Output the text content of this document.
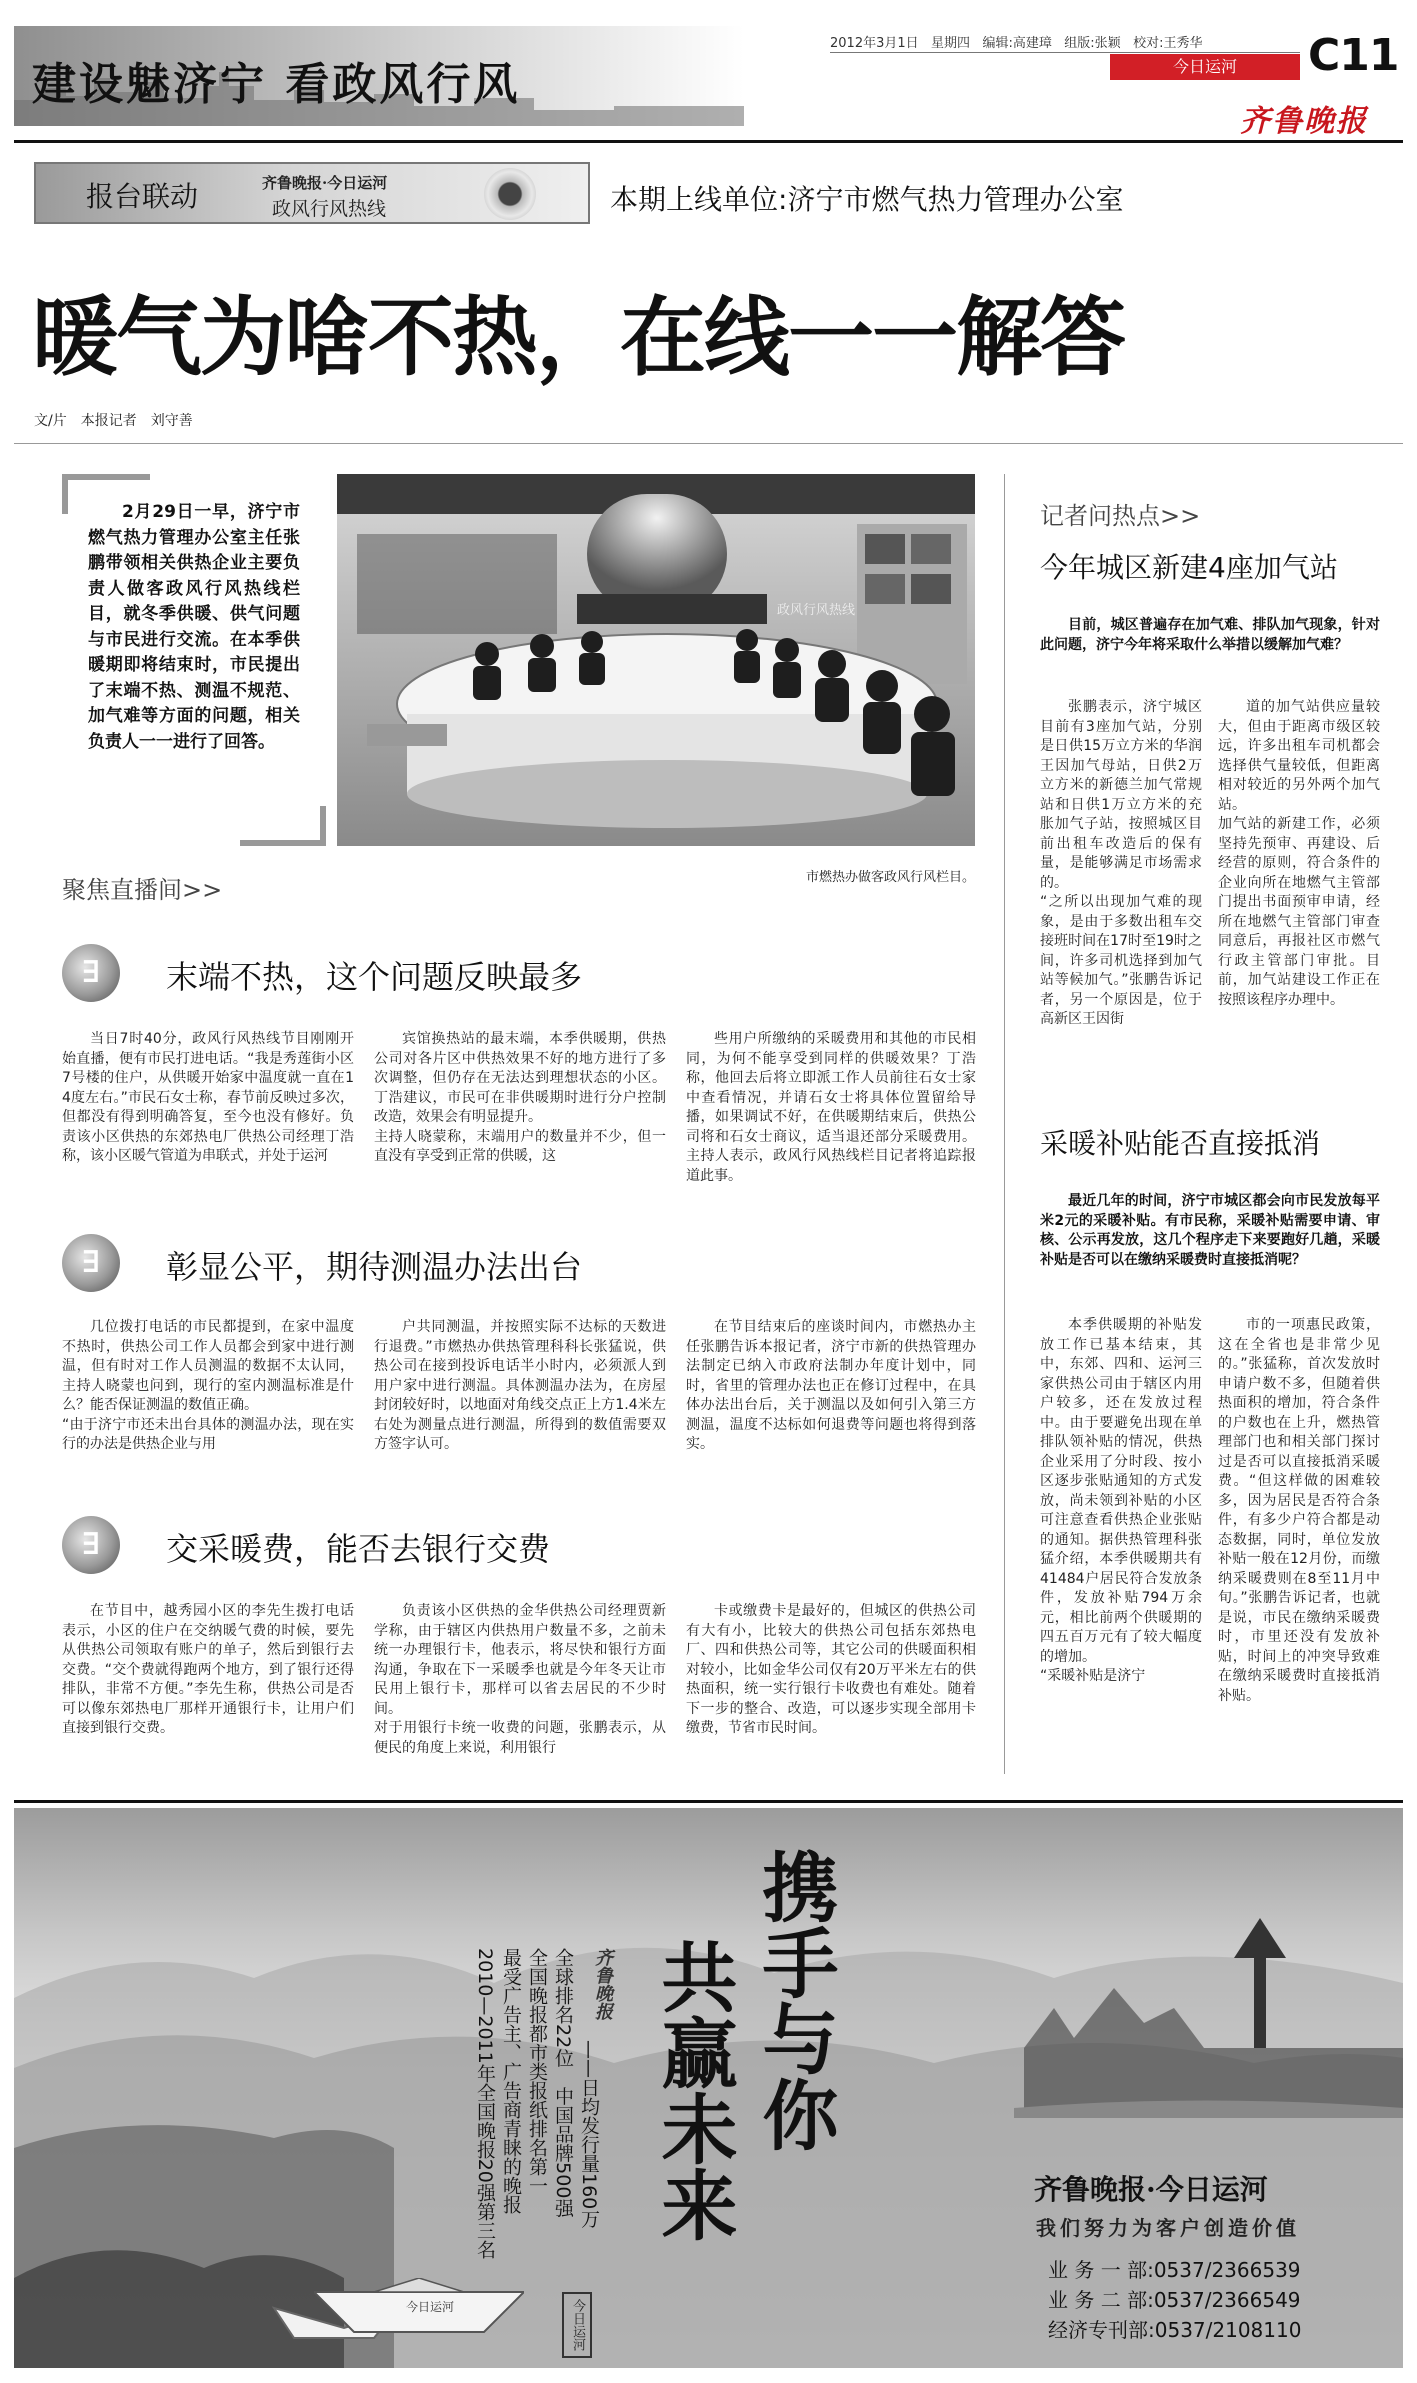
建设魅济宁 看政风行风
2012年3月1日 星期四 编辑:高建璋 组版:张颖 校对:王秀华
今日运河	C11
齐鲁晚报
报台联动	齐鲁晚报·今日运河
政风行风热线	本期上线单位:济宁市燃气热力管理办公室
暖气为啥不热，在线一一解答
文/片　本报记者　刘守善
2月29日一早，济宁市燃气热力管理办公室主任张鹏带领相关供热企业主要负责人做客政风行风热线栏目，就冬季供暖、供气问题与市民进行交流。在本季供暖期即将结束时，市民提出了末端不热、测温不规范、加气难等方面的问题，相关负责人一一进行了回答。
政风行风热线
市燃热办做客政风行风栏目。
聚焦直播间>>
∃ 末端不热，这个问题反映最多

当日7时40分，政风行风热线节目刚刚开始直播，便有市民打进电话。“我是秀莲街小区7号楼的住户，从供暖开始家中温度就一直在14度左右。”市民石女士称，春节前反映过多次，但都没有得到明确答复，至今也没有修好。负责该小区供热的东郊热电厂供热公司经理丁浩称，该小区暖气管道为串联式，并处于运河

宾馆换热站的最末端，本季供暖期，供热公司对各片区中供热效果不好的地方进行了多次调整，但仍存在无法达到理想状态的小区。丁浩建议，市民可在非供暖期时进行分户控制改造，效果会有明显提升。
主持人晓蒙称，末端用户的数量并不少，但一直没有享受到正常的供暖，这

些用户所缴纳的采暖费用和其他的市民相同，为何不能享受到同样的供暖效果？丁浩称，他回去后将立即派工作人员前往石女士家中查看情况，并请石女士将具体位置留给导播，如果调试不好，在供暖期结束后，供热公司将和石女士商议，适当退还部分采暖费用。主持人表示，政风行风热线栏目记者将追踪报道此事。

∃ 彰显公平，期待测温办法出台

几位拨打电话的市民都提到，在家中温度不热时，供热公司工作人员都会到家中进行测温，但有时对工作人员测温的数据不太认同，主持人晓蒙也问到，现行的室内测温标准是什么？能否保证测温的数值正确。
“由于济宁市还未出台具体的测温办法，现在实行的办法是供热企业与用

户共同测温，并按照实际不达标的天数进行退费。”市燃热办供热管理科科长张猛说，供热公司在接到投诉电话半小时内，必须派人到用户家中进行测温。具体测温办法为，在房屋封闭较好时，以地面对角线交点正上方1.4米左右处为测量点进行测温，所得到的数值需要双方签字认可。

在节目结束后的座谈时间内，市燃热办主任张鹏告诉本报记者，济宁市新的供热管理办法制定已纳入市政府法制办年度计划中，同时，省里的管理办法也正在修订过程中，在具体办法出台后，关于测温以及如何引入第三方测温，温度不达标如何退费等问题也将得到落实。

∃ 交采暖费，能否去银行交费

在节目中，越秀园小区的李先生拨打电话表示，小区的住户在交纳暖气费的时候，要先从供热公司领取有账户的单子，然后到银行去交费。“交个费就得跑两个地方，到了银行还得排队，非常不方便。”李先生称，供热公司是否可以像东郊热电厂那样开通银行卡，让用户们直接到银行交费。

负责该小区供热的金华供热公司经理贾新学称，由于辖区内供热用户数量不多，之前未统一办理银行卡，他表示，将尽快和银行方面沟通，争取在下一采暖季也就是今年冬天让市民用上银行卡，那样可以省去居民的不少时间。
对于用银行卡统一收费的问题，张鹏表示，从便民的角度上来说，利用银行

卡或缴费卡是最好的，但城区的供热公司有大有小，比较大的供热公司包括东郊热电厂、四和供热公司等，其它公司的供暖面积相对较小，比如金华公司仅有20万平米左右的供热面积，统一实行银行卡收费也有难处。随着下一步的整合、改造，可以逐步实现全部用卡缴费，节省市民时间。

记者问热点>>
今年城区新建4座加气站
目前，城区普遍存在加气难、排队加气现象，针对此问题，济宁今年将采取什么举措以缓解加气难？

张鹏表示，济宁城区目前有3座加气站，分别是日供15万立方米的华润王因加气母站，日供2万立方米的新德兰加气常规站和日供1万立方米的充胀加气子站，按照城区目前出租车改造后的保有量，是能够满足市场需求的。
“之所以出现加气难的现象，是由于多数出租车交接班时间在17时至19时之间，许多司机选择到加气站等候加气。”张鹏告诉记者，另一个原因是，位于高新区王因街

道的加气站供应量较大，但由于距离市级区较远，许多出租车司机都会选择供气量较低，但距离相对较近的另外两个加气站。
加气站的新建工作，必须坚持先预审、再建设、后经营的原则，符合条件的企业向所在地燃气主管部门提出书面预审申请，经所在地燃气主管部门审查同意后，再报社区市燃气行政主管部门审批。目前，加气站建设工作正在按照该程序办理中。

采暖补贴能否直接抵消
最近几年的时间，济宁市城区都会向市民发放每平米2元的采暖补贴。有市民称，采暖补贴需要申请、审核、公示再发放，这几个程序走下来要跑好几趟，采暖补贴是否可以在缴纳采暖费时直接抵消呢？

本季供暖期的补贴发放工作已基本结束，其中，东郊、四和、运河三家供热公司由于辖区内用户较多，还在发放过程中。由于要避免出现在单排队领补贴的情况，供热企业采用了分时段、按小区逐步张贴通知的方式发放，尚未领到补贴的小区可注意查看供热企业张贴的通知。据供热管理科张猛介绍，本季供暖期共有41484户居民符合发放条件，发放补贴794万余元，相比前两个供暖期的四五百万元有了较大幅度的增加。
“采暖补贴是济宁

市的一项惠民政策，这在全省也是非常少见的。”张猛称，首次发放时申请户数不多，但随着供热面积的增加，符合条件的户数也在上升，燃热管理部门也和相关部门探讨过是否可以直接抵消采暖费。“但这样做的困难较多，因为居民是否符合条件，有多少户符合都是动态数据，同时，单位发放补贴一般在12月份，而缴纳采暖费则在8至11月中旬。”张鹏告诉记者，也就是说，市民在缴纳采暖费时，市里还没有发放补贴，时间上的冲突导致难在缴纳采暖费时直接抵消补贴。

携手与你
共赢未来
齐鲁晚报
——日均发行量160万
全球排名22位　中国品牌500强
全国晚报都市类报纸排名第一
最受广告主、广告商青睐的晚报
2010—2011年全国晚报20强第三名
今日运河
今日运河
齐鲁晚报·今日运河
我们努力为客户创造价值
业 务 一 部:0537/2366539
业 务 二 部:0537/2366549
经济专刊部:0537/2108110
